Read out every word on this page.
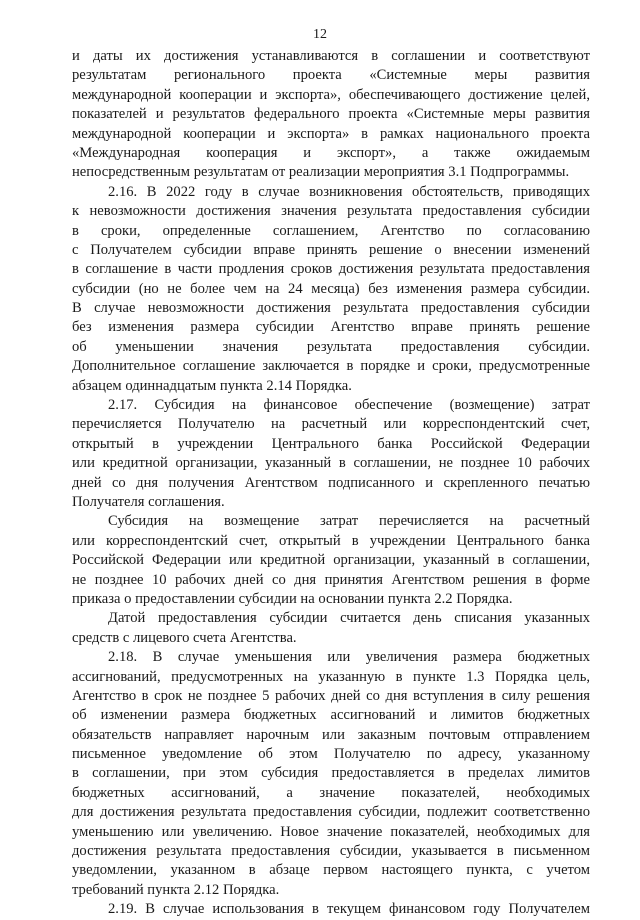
12
и даты их достижения устанавливаются в соглашении и соответствуют
результатам регионального проекта «Системные меры развития
международной кооперации и экспорта», обеспечивающего достижение целей,
показателей и результатов федерального проекта «Системные меры развития
международной кооперации и экспорта» в рамках национального проекта
«Международная кооперация и экспорт», а также ожидаемым
непосредственным результатам от реализации мероприятия 3.1 Подпрограммы.
2.16. В 2022 году в случае возникновения обстоятельств, приводящих
к невозможности достижения значения результата предоставления субсидии
в сроки, определенные соглашением, Агентство по согласованию
с Получателем субсидии вправе принять решение о внесении изменений
в соглашение в части продления сроков достижения результата предоставления
субсидии (но не более чем на 24 месяца) без изменения размера субсидии.
В случае невозможности достижения результата предоставления субсидии
без изменения размера субсидии Агентство вправе принять решение
об уменьшении значения результата предоставления субсидии.
Дополнительное соглашение заключается в порядке и сроки, предусмотренные
абзацем одиннадцатым пункта 2.14 Порядка.
2.17. Субсидия на финансовое обеспечение (возмещение) затрат
перечисляется Получателю на расчетный или корреспондентский счет,
открытый в учреждении Центрального банка Российской Федерации
или кредитной организации, указанный в соглашении, не позднее 10 рабочих
дней со дня получения Агентством подписанного и скрепленного печатью
Получателя соглашения.
Субсидия на возмещение затрат перечисляется на расчетный
или корреспондентский счет, открытый в учреждении Центрального банка
Российской Федерации или кредитной организации, указанный в соглашении,
не позднее 10 рабочих дней со дня принятия Агентством решения в форме
приказа о предоставлении субсидии на основании пункта 2.2 Порядка.
Датой предоставления субсидии считается день списания указанных
средств с лицевого счета Агентства.
2.18. В случае уменьшения или увеличения размера бюджетных
ассигнований, предусмотренных на указанную в пункте 1.3 Порядка цель,
Агентство в срок не позднее 5 рабочих дней со дня вступления в силу решения
об изменении размера бюджетных ассигнований и лимитов бюджетных
обязательств направляет нарочным или заказным почтовым отправлением
письменное уведомление об этом Получателю по адресу, указанному
в соглашении, при этом субсидия предоставляется в пределах лимитов
бюджетных ассигнований, а значение показателей, необходимых
для достижения результата предоставления субсидии, подлежит соответственно
уменьшению или увеличению. Новое значение показателей, необходимых для
достижения результата предоставления субсидии, указывается в письменном
уведомлении, указанном в абзаце первом настоящего пункта, с учетом
требований пункта 2.12 Порядка.
2.19. В случае использования в текущем финансовом году Получателем
